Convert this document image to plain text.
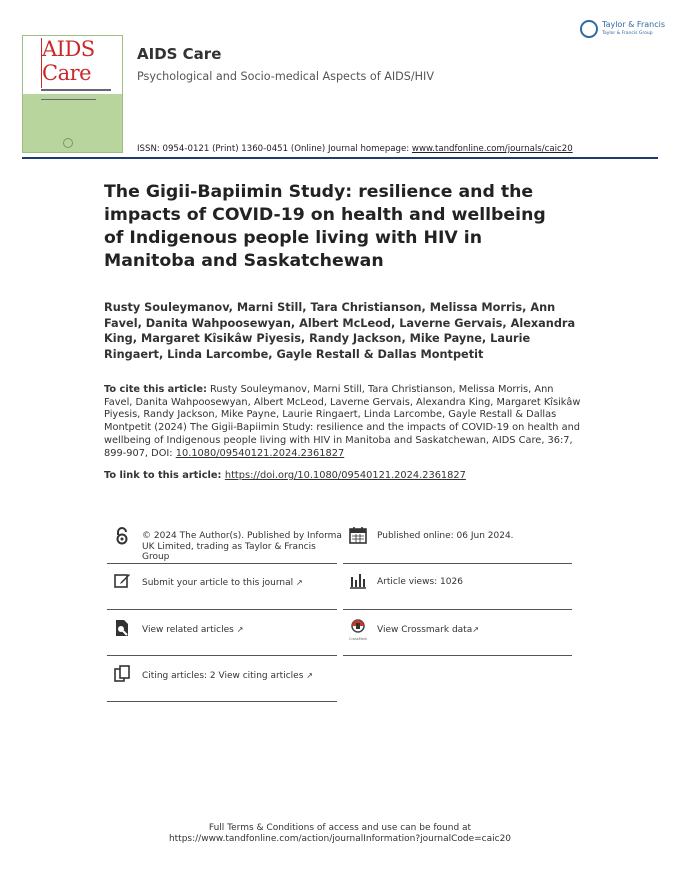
AIDS
Care
AIDS Care
Psychological and Socio-medical Aspects of AIDS/HIV
Taylor & Francis
Taylor & Francis Group
ISSN: 0954-0121 (Print) 1360-0451 (Online) Journal homepage: www.tandfonline.com/journals/caic20
The Gigii-Bapiimin Study: resilience and the impacts of COVID-19 on health and wellbeing of Indigenous people living with HIV in Manitoba and Saskatchewan
Rusty Souleymanov, Marni Still, Tara Christianson, Melissa Morris, Ann Favel, Danita Wahpoosewyan, Albert McLeod, Laverne Gervais, Alexandra King, Margaret Kîsikâw Piyesis, Randy Jackson, Mike Payne, Laurie Ringaert, Linda Larcombe, Gayle Restall & Dallas Montpetit
To cite this article: Rusty Souleymanov, Marni Still, Tara Christianson, Melissa Morris, Ann Favel, Danita Wahpoosewyan, Albert McLeod, Laverne Gervais, Alexandra King, Margaret Kîsikâw Piyesis, Randy Jackson, Mike Payne, Laurie Ringaert, Linda Larcombe, Gayle Restall & Dallas Montpetit (2024) The Gigii-Bapiimin Study: resilience and the impacts of COVID-19 on health and wellbeing of Indigenous people living with HIV in Manitoba and Saskatchewan, AIDS Care, 36:7, 899-907, DOI: 10.1080/09540121.2024.2361827
To link to this article: https://doi.org/10.1080/09540121.2024.2361827
© 2024 The Author(s). Published by Informa UK Limited, trading as Taylor & Francis Group
Submit your article to this journal ↗
View related articles ↗
Citing articles: 2 View citing articles ↗
Published online: 06 Jun 2024.
Article views: 1026
CrossMark
View Crossmark data↗
Full Terms & Conditions of access and use can be found at
https://www.tandfonline.com/action/journalInformation?journalCode=caic20
